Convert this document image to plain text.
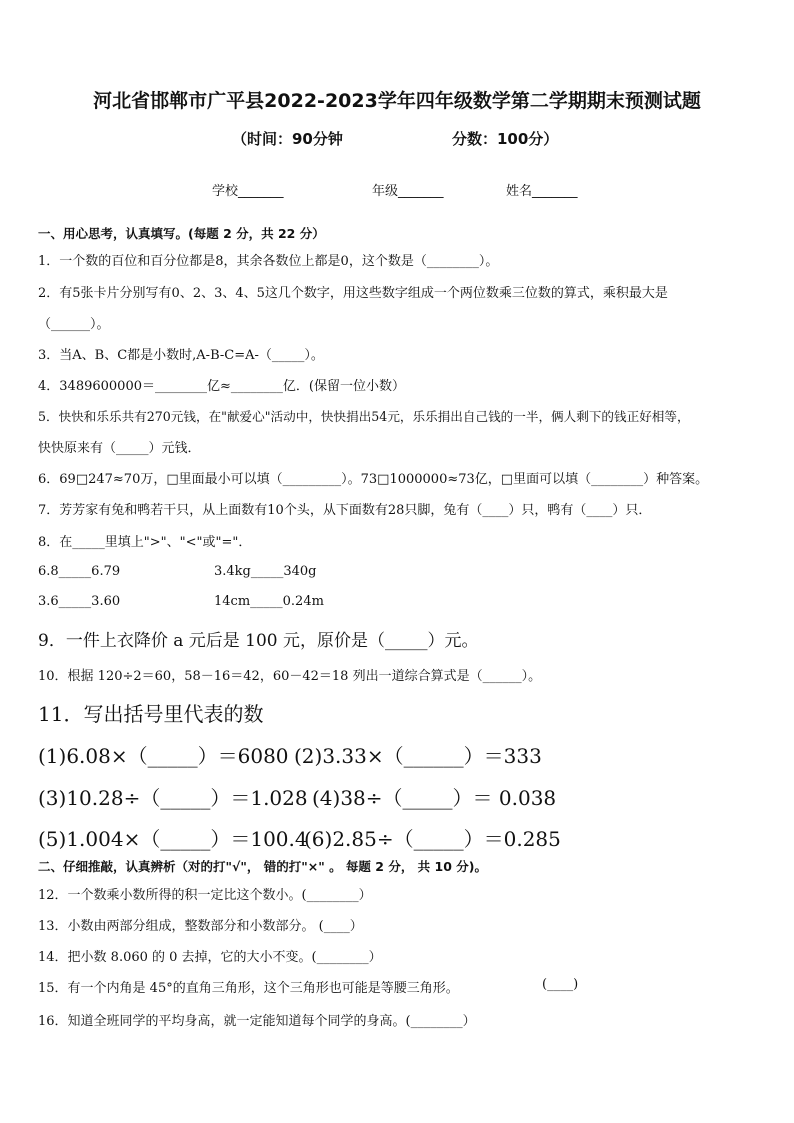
河北省邯郸市广平县2022-2023学年四年级数学第二学期期末预测试题
（时间：90分钟	分数：100分）
学校_______	年级_______	姓名_______
一、用心思考，认真填写。(每题 2 分，共 22 分）
1．一个数的百位和百分位都是8，其余各数位上都是0，这个数是（________）。
2．有5张卡片分别写有0、2、3、4、5这几个数字，用这些数字组成一个两位数乘三位数的算式，乘积最大是
（______）。
3．当A、B、C都是小数时,A-B-C=A-（_____）。
4．3489600000＝________亿≈________亿．(保留一位小数）
5．快快和乐乐共有270元钱，在"献爱心"活动中，快快捐出54元，乐乐捐出自己钱的一半，俩人剩下的钱正好相等，
快快原来有（_____）元钱．
6．69□247≈70万，□里面最小可以填（_________）。73□1000000≈73亿，□里面可以填（________）种答案。
7．芳芳家有兔和鸭若干只，从上面数有10个头，从下面数有28只脚，兔有（____）只，鸭有（____）只．
8．在_____里填上">"、"<"或"="．
6.8_____6.79	3.4kg_____340g
3.6_____3.60	14cm_____0.24m
9．一件上衣降价 a 元后是 100 元，原价是（_____）元。
10．根据 120÷2＝60，58－16＝42，60－42＝18 列出一道综合算式是（______）。
11．写出括号里代表的数
(1)6.08×（_____）＝6080 (2)3.33×（______）＝333
(3)10.28÷（_____）＝1.028 (4)38÷（_____）＝ 0.038
(5)1.004×（_____）＝100.4
(6)2.85÷（_____）＝0.285
二、仔细推敲，认真辨析（对的打"√"， 错的打"×" 。 每题 2 分， 共 10 分)。
12．一个数乘小数所得的积一定比这个数小。(________）
13．小数由两部分组成，整数部分和小数部分。 (____）
14．把小数 8.060 的 0 去掉，它的大小不变。(________）
15．有一个内角是 45°的直角三角形，这个三角形也可能是等腰三角形。	(____)
16．知道全班同学的平均身高，就一定能知道每个同学的身高。(________）
